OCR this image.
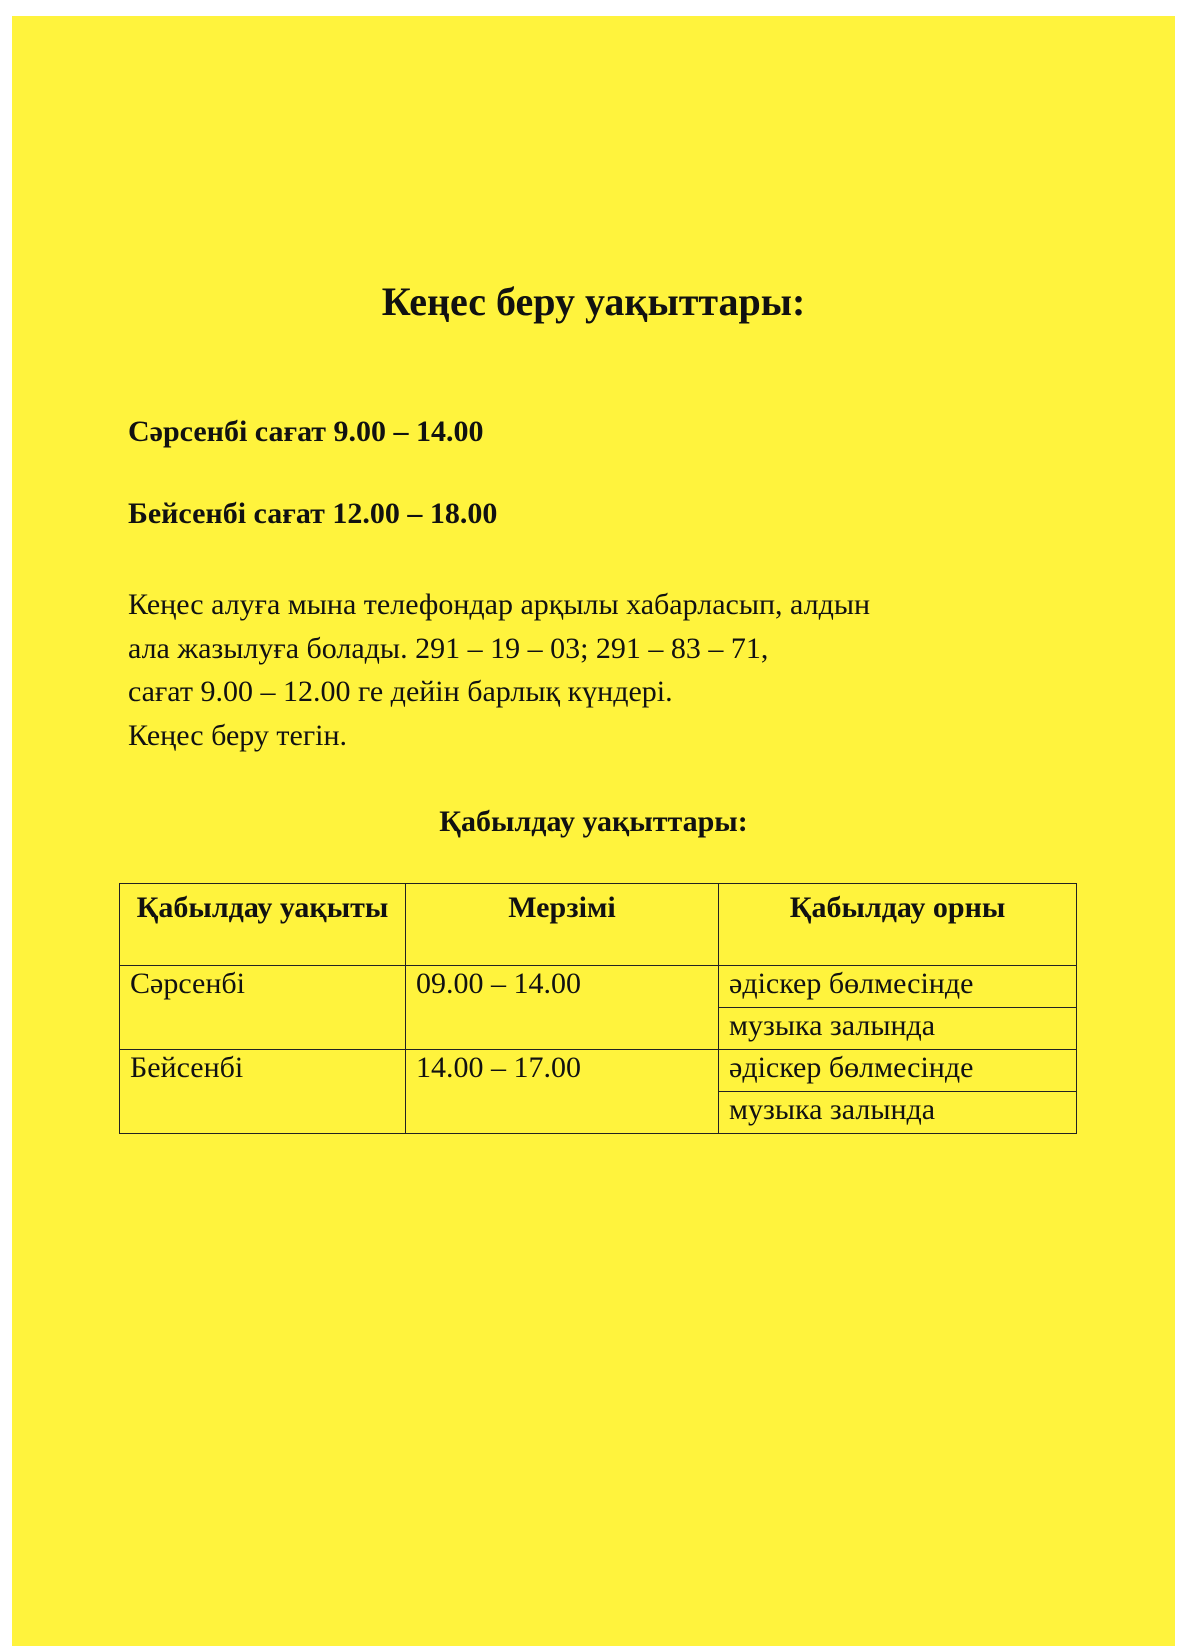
Кеңес беру уақыттары:

Сәрсенбі сағат 9.00 – 14.00

Бейсенбі сағат 12.00 – 18.00

Кеңес алуға мына телефондар арқылы хабарласып, алдын
ала жазылуға болады. 291 – 19 – 03; 291 – 83 – 71,
сағат 9.00 – 12.00 ге дейін барлық күндері.
Кеңес беру тегін.
Қабылдау уақыттары:
Қабылдау уақыты	Мерзімі	Қабылдау орны
Сәрсенбі	09.00 – 14.00	әдіскер бөлмесінде
		музыка залында
Бейсенбі	14.00 – 17.00	әдіскер бөлмесінде
		музыка залында
